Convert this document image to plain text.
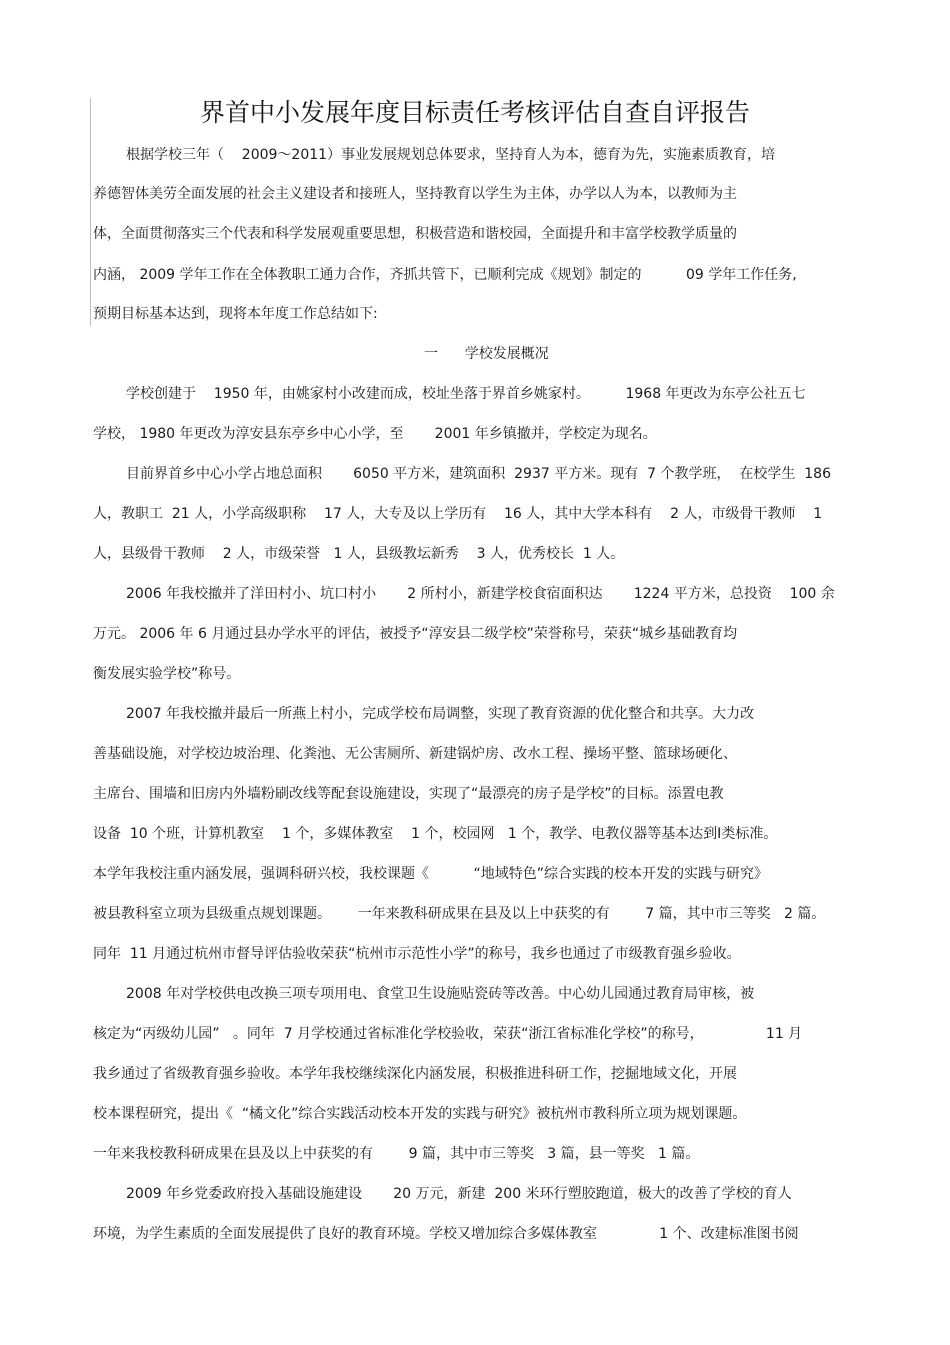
界首中小发展年度目标责任考核评估自查自评报告
根据学校三年（    2009～2011）事业发展规划总体要求，坚持育人为本，德育为先，实施素质教育，培
养德智体美劳全面发展的社会主义建设者和接班人，坚持教育以学生为主体，办学以人为本，以教师为主
体，全面贯彻落实三个代表和科学发展观重要思想，积极营造和谐校园，全面提升和丰富学校教学质量的
内涵， 2009 学年工作在全体教职工通力合作，齐抓共管下，已顺利完成《规划》制定的          09 学年工作任务,
预期目标基本达到，现将本年度工作总结如下:
一      学校发展概况
学校创建于    1950 年，由姚家村小改建而成，校址坐落于界首乡姚家村。        1968 年更改为东亭公社五七
学校， 1980 年更改为淳安县东亭乡中心小学，至       2001 年乡镇撤并，学校定为现名。
目前界首乡中心小学占地总面积       6050 平方米，建筑面积  2937 平方米。现有  7 个教学班，  在校学生  186
人，教职工  21 人，小学高级职称    17 人，大专及以上学历有    16 人，其中大学本科有    2 人，市级骨干教师    1
人，县级骨干教师    2 人，市级荣誉   1 人，县级教坛新秀    3 人，优秀校长  1 人。
2006 年我校撤并了洋田村小、坑口村小       2 所村小，新建学校食宿面积达       1224 平方米，总投资    100 余
万元。 2006 年 6 月通过县办学水平的评估，被授予“淳安县二级学校”荣誉称号，荣获“城乡基础教育均
衡发展实验学校”称号。
2007 年我校撤并最后一所燕上村小，完成学校布局调整，实现了教育资源的优化整合和共享。大力改
善基础设施，对学校边坡治理、化粪池、无公害厕所、新建锅炉房、改水工程、操场平整、篮球场硬化、
主席台、围墙和旧房内外墙粉刷改线等配套设施建设，实现了“最漂亮的房子是学校”的目标。添置电教
设备  10 个班，计算机教室    1 个，多媒体教室    1 个，校园网   1 个，教学、电教仪器等基本达到Ⅰ类标准。
本学年我校注重内涵发展，强调科研兴校，我校课题《          “地域特色”综合实践的校本开发的实践与研究》
被县教科室立项为县级重点规划课题。      一年来教科研成果在县及以上中获奖的有        7 篇，其中市三等奖   2 篇。
同年  11 月通过杭州市督导评估验收荣获“杭州市示范性小学”的称号，我乡也通过了市级教育强乡验收。
2008 年对学校供电改换三项专项用电、食堂卫生设施贴瓷砖等改善。中心幼儿园通过教育局审核，被
核定为“丙级幼儿园”   。同年  7 月学校通过省标准化学校验收，荣获“浙江省标准化学校”的称号，              11 月
我乡通过了省级教育强乡验收。本学年我校继续深化内涵发展，积极推进科研工作，挖掘地域文化，开展
校本课程研究，提出《  “橘文化”综合实践活动校本开发的实践与研究》被杭州市教科所立项为规划课题。
一年来我校教科研成果在县及以上中获奖的有        9 篇，其中市三等奖   3 篇，县一等奖   1 篇。
2009 年乡党委政府投入基础设施建设       20 万元，新建  200 米环行塑胶跑道，极大的改善了学校的育人
环境，为学生素质的全面发展提供了良好的教育环境。学校又增加综合多媒体教室              1 个、改建标准图书阅
